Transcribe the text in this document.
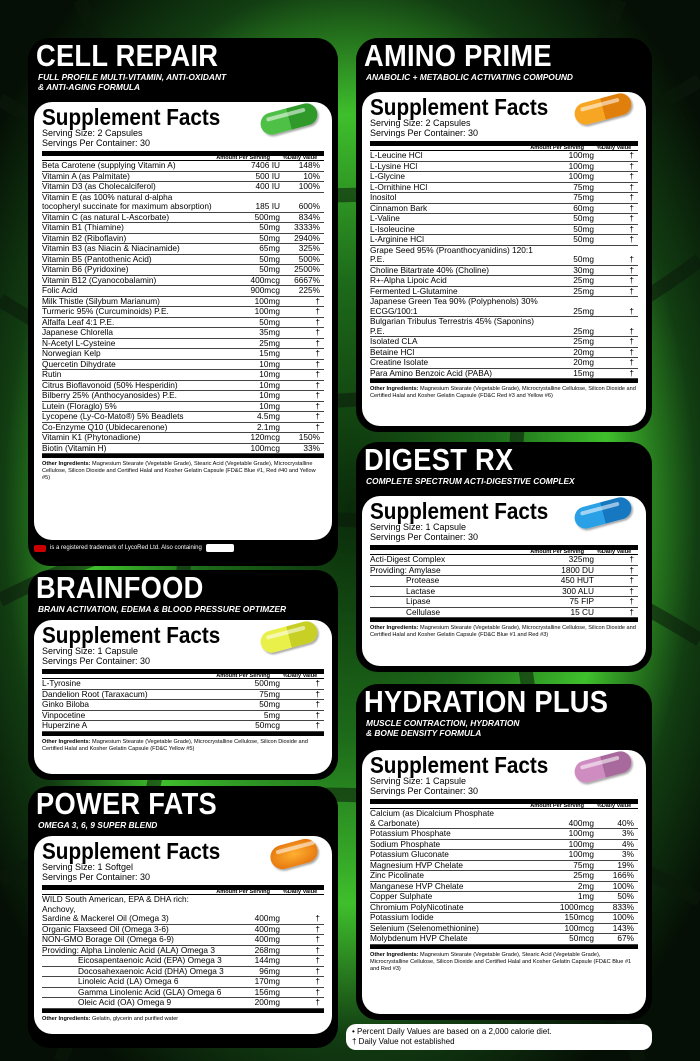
CELL REPAIR
FULL PROFILE MULTI-VITAMIN, ANTI-OXIDANT
& ANTI-AGING FORMULA
Supplement Facts
Serving Size: 2 Capsules
Servings Per Container: 30
Amount Per Serving	%Daily Value
Beta Carotene (supplying Vitamin A)	7406 IU	148%
Vitamin A (as Palmitate)	500 IU	10%
Vitamin D3 (as Cholecalciferol)	400 IU	100%
Vitamin E (as 100% natural d-alpha
tocopheryl succinate for maximum absorption)	185 IU	600%
Vitamin C (as natural L-Ascorbate)	500mg	834%
Vitamin B1 (Thiamine)	50mg	3333%
Vitamin B2 (Riboflavin)	50mg	2940%
Vitamin B3 (as Niacin & Niacinamide)	65mg	325%
Vitamin B5 (Pantothenic Acid)	50mg	500%
Vitamin B6 (Pyridoxine)	50mg	2500%
Vitamin B12 (Cyanocobalamin)	400mcg	6667%
Folic Acid	900mcg	225%
Milk Thistle (Silybum Marianum)	100mg	†
Turmeric 95% (Curcuminoids) P.E.	100mg	†
Alfalfa Leaf 4:1 P.E.	50mg	†
Japanese Chlorella	35mg	†
N-Acetyl L-Cysteine	25mg	†
Norwegian Kelp	15mg	†
Quercetin Dihydrate	10mg	†
Rutin	10mg	†
Citrus Bioflavonoid (50% Hesperidin)	10mg	†
Bilberry 25% (Anthocyanosides) P.E.	10mg	†
Lutein (Floraglo) 5%	10mg	†
Lycopene (Ly-Co-Mato®) 5% Beadlets	4.5mg	†
Co-Enzyme Q10 (Ubidecarenone)	2.1mg	†
Vitamin K1 (Phytonadione)	120mcg	150%
Biotin (Vitamin H)	100mcg	33%
Other Ingredients: Magnesium Stearate (Vegetable Grade), Stearic Acid (Vegetable Grade), Microcrystalline Cellulose, Silicon Dioxide and Certified Halal and Kosher Gelatin Capsule (FD&C Blue #1, Red #40 and Yellow #5)
is a registered trademark of LycoRed Ltd. Also containing
AMINO PRIME
ANABOLIC + METABOLIC ACTIVATING COMPOUND
Supplement Facts
Serving Size: 2 Capsules
Servings Per Container: 30
Amount Per Serving	%Daily Value
L-Leucine HCl	100mg	†
L-Lysine HCl	100mg	†
L-Glycine	100mg	†
L-Ornithine HCl	75mg	†
Inositol	75mg	†
Cinnamon Bark	60mg	†
L-Valine	50mg	†
L-Isoleucine	50mg	†
L-Arginine HCl	50mg	†
Grape Seed 95% (Proanthocyanidins) 120:1 P.E.	50mg	†
Choline Bitartrate 40% (Choline)	30mg	†
R+-Alpha Lipoic Acid	25mg	†
Fermented L-Glutamine	25mg	†
Japanese Green Tea 90% (Polyphenols) 30% ECGG/100:1	25mg	†
Bulgarian Tribulus Terrestris 45% (Saponins) P.E.	25mg	†
Isolated CLA	25mg	†
Betaine HCl	20mg	†
Creatine Isolate	20mg	†
Para Amino Benzoic Acid (PABA)	15mg	†
Other Ingredients: Magnesium Stearate (Vegetable Grade), Microcrystalline Cellulose, Silicon Dioxide and Certified Halal and Kosher Gelatin Capsule (FD&C Red #3 and Yellow #6)
DIGEST RX
COMPLETE SPECTRUM ACTI-DIGESTIVE COMPLEX
Supplement Facts
Serving Size: 1 Capsule
Servings Per Container: 30
Amount Per Serving	%Daily Value
Acti-Digest Complex	325mg	†
Providing: Amylase	1800 DU	†
Protease	450 HUT	†
Lactase	300 ALU	†
Lipase	75 FIP	†
Cellulase	15 CU	†
Other Ingredients: Magnesium Stearate (Vegetable Grade), Microcrystalline Cellulose, Silicon Dioxide and Certified Halal and Kosher Gelatin Capsule (FD&C Blue #1 and Red #3)
BRAINFOOD
BRAIN ACTIVATION, EDEMA & BLOOD PRESSURE OPTIMZER
Supplement Facts
Serving Size: 1 Capsule
Servings Per Container: 30
Amount Per Serving	%Daily Value
L-Tyrosine	500mg	†
Dandelion Root (Taraxacum)	75mg	†
Ginko Biloba	50mg	†
Vinpocetine	5mg	†
Huperzine A	50mcg	†
Other Ingredients: Magnesium Stearate (Vegetable Grade), Microcrystalline Cellulose, Silicon Dioxide and Certified Halal and Kosher Gelatin Capsule (FD&C Yellow #5)
POWER FATS
OMEGA 3, 6, 9 SUPER BLEND
Supplement Facts
Serving Size: 1 Softgel
Servings Per Container: 30
Amount Per Serving	%Daily Value
WILD South American, EPA & DHA rich: Anchovy,
Sardine & Mackerel Oil (Omega 3)	400mg	†
Organic Flaxseed Oil (Omega 3-6)	400mg	†
NON-GMO Borage Oil (Omega 6-9)	400mg	†
Providing: Alpha Linolenic Acid (ALA) Omega 3	268mg	†
Eicosapentaenoic Acid (EPA) Omega 3	144mg	†
Docosahexaenoic Acid (DHA) Omega 3	96mg	†
Linoleic Acid (LA) Omega 6	170mg	†
Gamma Linolenic Acid (GLA) Omega 6	156mg	†
Oleic Acid (OA) Omega 9	200mg	†
Other Ingredients: Gelatin, glycerin and purified water
HYDRATION PLUS
MUSCLE CONTRACTION, HYDRATION
& BONE DENSITY FORMULA
Supplement Facts
Serving Size: 1 Capsule
Servings Per Container: 30
Amount Per Serving	%Daily Value
Calcium (as Dicalcium Phosphate
& Carbonate)	400mg	40%
Potassium Phosphate	100mg	3%
Sodium Phosphate	100mg	4%
Potassium Gluconate	100mg	3%
Magnesium HVP Chelate	75mg	19%
Zinc Picolinate	25mg	166%
Manganese HVP Chelate	2mg	100%
Copper Sulphate	1mg	50%
Chromium PolyNicotinate	1000mcg	833%
Potassium Iodide	150mcg	100%
Selenium (Selenomethionine)	100mcg	143%
Molybdenum HVP Chelate	50mcg	67%
Other Ingredients: Magnesium Stearate (Vegetable Grade), Stearic Acid (Vegetable Grade), Microcrystalline Cellulose, Silicon Dioxide and Certified Halal and Kosher Gelatin Capsule (FD&C Blue #1 and Red #3)
• Percent Daily Values are based on a 2,000 calorie diet.
† Daily Value not established
